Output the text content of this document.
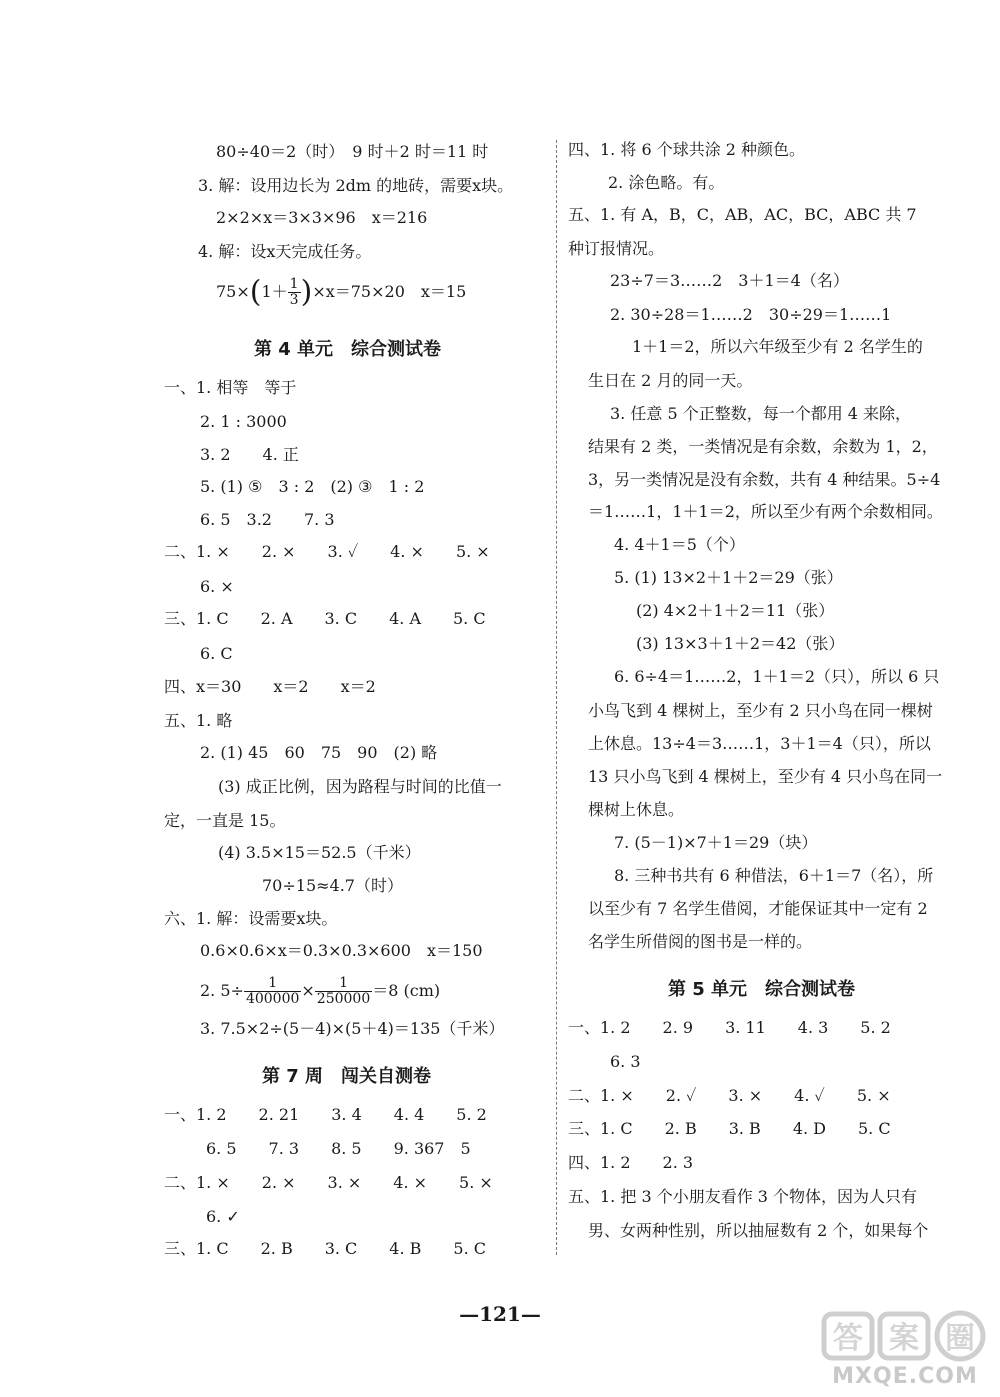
80÷40＝2（时）　9 时＋2 时＝11 时
3. 解：设用边长为 2dm 的地砖，需要x块。
2×2×x＝3×3×96　x＝216
4. 解：设x天完成任务。
$75\times(1+ \frac{1}{3} )\times x=75\times 20$　x＝15
第 4 单元　综合测试卷
一、1. 相等　等于
2. 1 : 3000
3. 2　　4. 正
5. (1) ⑤　3 : 2　(2) ③　1 : 2
6. 5　3.2　　7. 3
二、1. ×　　2. ×　　3. ✓　　4. ×　　5. ×
6. ×
三、1. C　　2. A　　3. C　　4. A　　5. C
6. C
四、x＝30　　x＝2　　x＝2
五、1. 略
2. (1) 45　60　75　90　(2) 略
(3) 成正比例，因为路程与时间的比值一
定，一直是 15。
(4) 3.5×15＝52.5（千米）
70÷15≈4.7（时）
六、1. 解：设需要x块。
0.6×0.6×x＝0.3×0.3×600　x＝150
2. $5\div \frac{1}{400000} \times \frac{1}{250000} =8$ (cm)
3. 7.5×2÷(5－4)×(5＋4)＝135（千米）
第 7 周　闯关自测卷
一、1. 2　　2. 21　　3. 4　　4. 4　　5. 2
6. 5　　7. 3　　8. 5　　9. 367　5
二、1. ×　　2. ×　　3. ×　　4. ×　　5. ×
6. ✓
三、1. C　　2. B　　3. C　　4. B　　5. C
四、1. 将 6 个球共涂 2 种颜色。
2. 涂色略。有。
五、1. 有 A，B，C，AB，AC，BC，ABC 共 7
种订报情况。
23÷7＝3……2　3＋1＝4（名）
2. 30÷28＝1……2　30÷29＝1……1
1＋1＝2，所以六年级至少有 2 名学生的
生日在 2 月的同一天。
3. 任意 5 个正整数，每一个都用 4 来除，
结果有 2 类，一类情况是有余数，余数为 1，2，
3，另一类情况是没有余数，共有 4 种结果。5÷4
＝1……1，1＋1＝2，所以至少有两个余数相同。
4. 4＋1＝5（个）
5. (1) 13×2＋1＋2＝29（张）
(2) 4×2＋1＋2＝11（张）
(3) 13×3＋1＋2＝42（张）
6. 6÷4＝1……2，1＋1＝2（只），所以 6 只
小鸟飞到 4 棵树上，至少有 2 只小鸟在同一棵树
上休息。13÷4＝3……1，3＋1＝4（只），所以
13 只小鸟飞到 4 棵树上，至少有 4 只小鸟在同一
棵树上休息。
7. (5－1)×7＋1＝29（块）
8. 三种书共有 6 种借法，6＋1＝7（名），所
以至少有 7 名学生借阅，才能保证其中一定有 2
名学生所借阅的图书是一样的。
第 5 单元　综合测试卷
一、1. 2　　2. 9　　3. 11　　4. 3　　5. 2
6. 3
二、1. ×　　2. ✓　　3. ×　　4. ✓　　5. ×
三、1. C　　2. B　　3. B　　4. D　　5. C
四、1. 2　　2. 3
五、1. 把 3 个小朋友看作 3 个物体，因为人只有
男、女两种性别，所以抽屉数有 2 个，如果每个
—121—
答 案 圈
MXQE.COM
